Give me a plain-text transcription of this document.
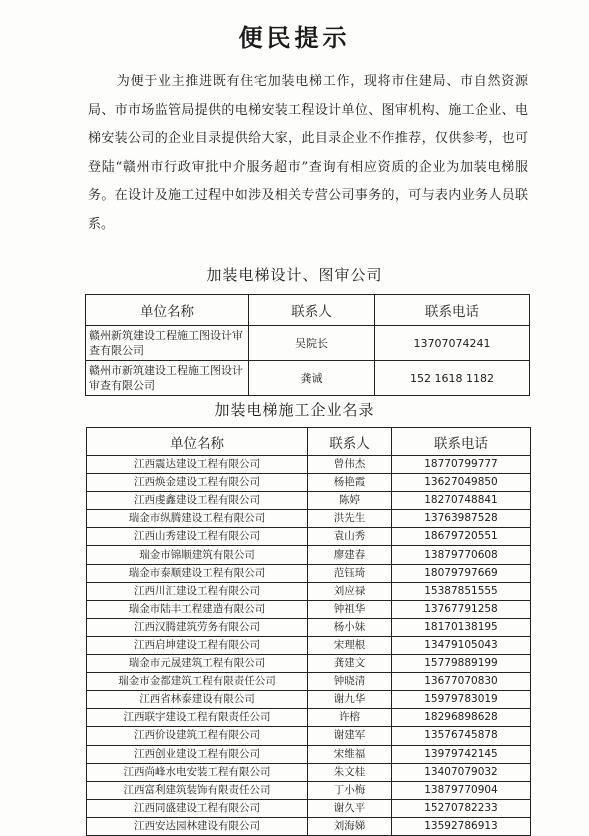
便民提示
为便于业主推进既有住宅加装电梯工作，现将市住建局、市自然资源局、市市场监管局提供的电梯安装工程设计单位、图审机构、施工企业、电梯安装公司的企业目录提供给大家，此目录企业不作推荐，仅供参考，也可登陆“赣州市行政审批中介服务超市”查询有相应资质的企业为加装电梯服务。在设计及施工过程中如涉及相关专营公司事务的，可与表内业务人员联系。
加装电梯设计、图审公司
单位名称	联系人	联系电话
赣州新筑建设工程施工图设计审查有限公司	吴院长	13707074241
赣州市新筑建设工程施工图设计审查有限公司	龚诚	152 1618 1182
加装电梯施工企业名录
单位名称	联系人	联系电话
江西震达建设工程有限公司	曾伟杰	18770799777
江西焕金建设工程有限公司	杨艳霞	13627049850
江西虔鑫建设工程有限公司	陈婷	18270748841
瑞金市纵腾建设工程有限公司	洪先生	13763987528
江西山秀建设工程有限公司	袁山秀	18679720551
瑞金市锦顺建筑有限公司	廖建春	13879770608
瑞金市泰顺建设工程有限公司	范钰琦	18079797669
江西川汇建设工程有限公司	刘应禄	15387851555
瑞金市陆丰工程建造有限公司	钟祖华	13767791258
江西汉腾建筑劳务有限公司	杨小妹	18170138195
江西启坤建设工程有限公司	宋理根	13479105043
瑞金市元晟建筑工程有限公司	龚建文	15779889199
瑞金市金都建筑工程有限责任公司	钟晓清	13677070830
江西省林泰建设有限公司	谢九华	15979783019
江西联宇建设工程有限责任公司	许榕	18296898628
江西价设建筑工程有限公司	谢建军	13576745878
江西创业建设工程有限公司	宋维福	13979742145
江西尚峰水电安装工程有限公司	朱文桂	13407079032
江西富利建筑装饰有限责任公司	丁小梅	13879770904
江西同盛建设工程有限公司	谢久平	15270782233
江西安达园林建设有限公司	刘海娣	13592786913
